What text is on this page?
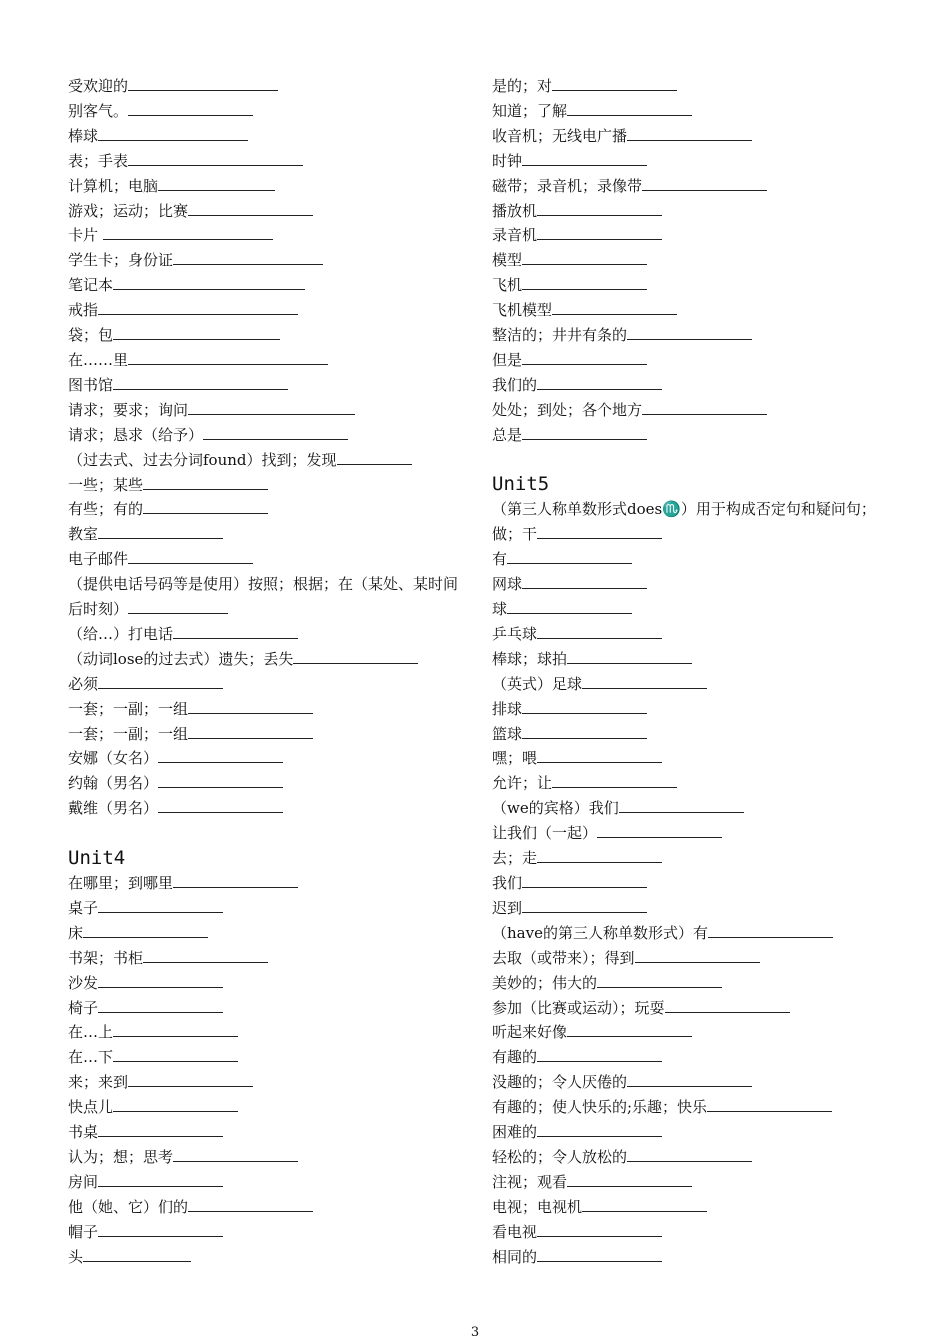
受欢迎的
别客气。
棒球
表；手表
计算机；电脑
游戏；运动；比赛
卡片
学生卡；身份证
笔记本
戒指
袋；包
在……里
图书馆
请求；要求；询问
请求；恳求（给予）
（过去式、过去分词found）找到；发现
一些；某些
有些；有的
教室
电子邮件
（提供电话号码等是使用）按照；根据；在（某处、某时间后时刻）
（给…）打电话
（动词lose的过去式）遗失；丢失
必须
一套；一副；一组
一套；一副；一组
安娜（女名）
约翰（男名）
戴维（男名）
Unit4
在哪里；到哪里
桌子
床
书架；书柜
沙发
椅子
在…上
在…下
来；来到
快点儿
书桌
认为；想；思考
房间
他（她、它）们的
帽子
头
是的；对
知道；了解
收音机；无线电广播
时钟
磁带；录音机；录像带
播放机
录音机
模型
飞机
飞机模型
整洁的；井井有条的
但是
我们的
处处；到处；各个地方
总是
Unit5
（第三人称单数形式does♏）用于构成否定句和疑问句；做；干
有
网球
球
乒乓球
棒球；球拍
（英式）足球
排球
篮球
嘿；喂
允许；让
（we的宾格）我们
让我们（一起）
去；走
我们
迟到
（have的第三人称单数形式）有
去取（或带来）；得到
美妙的；伟大的
参加（比赛或运动）；玩耍
听起来好像
有趣的
没趣的；令人厌倦的
有趣的；使人快乐的;乐趣；快乐
困难的
轻松的；令人放松的
注视；观看
电视；电视机
看电视
相同的
3
